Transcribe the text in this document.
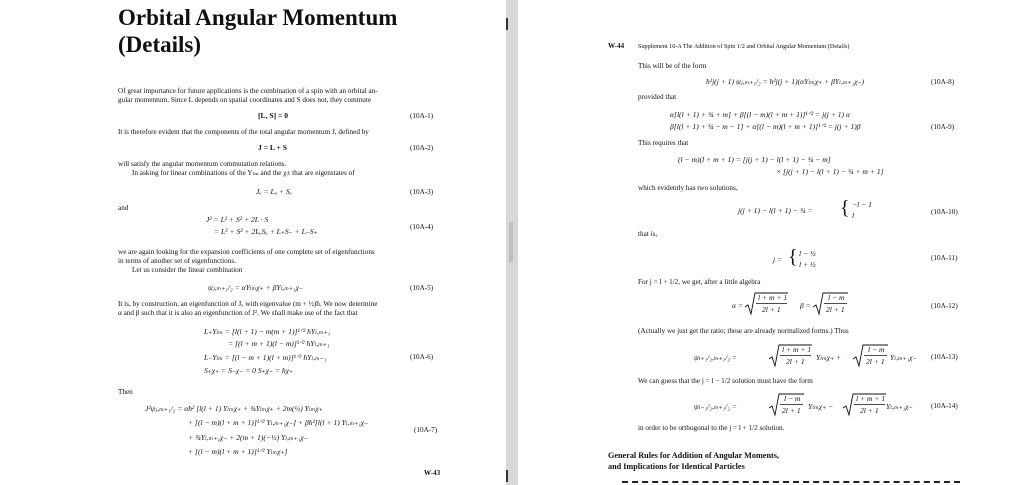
Orbital Angular Momentum
(Details)
Of great importance for future applications is the combination of a spin with an orbital an-
gular momentum. Since L depends on spatial coordinates and S does not, they commute
[L, S] = 0	(10A-1)
It is therefore evident that the components of the total angular momentum J, defined by
J = L + S	(10A-2)
will satisfy the angular momentum commutation relations.
In asking for linear combinations of the Yₗₘ and the χ± that are eigenstates of
Jᵤ = Lᵤ + Sᵤ	(10A-3)
and
J² = L² + S² + 2L · S
= L² + S² + 2LᵤSᵤ + L₊S₋ + L₋S₊	(10A-4)
we are again looking for the expansion coefficients of one complete set of eigenfunctions
in terms of another set of eigenfunctions.
Let us consider the linear combination
ψⱼ,ₘ₊₁/₂ = αYₗₘχ₊ + βYₗ,ₘ₊₁χ₋	(10A-5)
It is, by construction, an eigenfunction of Jᵤ with eigenvalue (m + ½)ħ. We now determine
α and β such that it is also an eigenfunction of J². We shall make use of the fact that
L₊Yₗₘ = [l(l + 1) − m(m + 1)]¹ᐟ² ħYₗ,ₘ₊₁
= [(l + m + 1)(l − m)]¹ᐟ² ħYₗ,ₘ₊₁
L₋Yₗₘ = [(l − m + 1)(l + m)]¹ᐟ² ħYₗ,ₘ₋₁
S₊χ₊ = S₋χ₋ = 0 S₊χ₋ = ħχ₊
(10A-6)
Then
J²ψⱼ,ₘ₊₁/₂ = αħ² [l(l + 1) Yₗₘχ₊ + ¾Yₗₘχ₊ + 2m(½) Yₗₘχ₊
+ [(l − m)(l + m + 1)]¹ᐟ² Yₗ,ₘ₊₁χ₋] + βħ²[l(l + 1) Yₗ,ₘ₊₁χ₋
+ ¾Yₗ,ₘ₊₁χ₋ + 2(m + 1)(−½) Yₗ,ₘ₊₁χ₋
+ [(l − m)(l + m + 1)]¹ᐟ² Yₗₘχ₊]
(10A-7)
W-43
W-44 Supplement 10-A The Addition of Spin 1/2 and Orbital Angular Momentum (Details)
This will be of the form
ħ²j(j + 1) ψⱼ,ₘ₊₁/₂ = ħ²j(j + 1)(αYₗₘχ₊ + βYₗ,ₘ₊₁χ₋)	(10A-8)
provided that
α[l(l + 1) + ¾ + m] + β[(l − m)(l + m + 1)]¹ᐟ² = j(j + 1) α
β[l(l + 1) + ¾ − m − 1] + α[(l − m)(l + m + 1)]¹ᐟ² = j(j + 1)β	(10A-9)
This requires that
(l − m)(l + m + 1) = [j(j + 1) − l(l + 1) − ¾ − m]
× [j(j + 1) − l(l + 1) − ¾ + m + 1]
which evidently has two solutions,
j(j + 1) − l(l + 1) − ¾ = { −l − 1
l	(10A-10)
that is,
j = { l − ½
l + ½
(10A-11)
For j = l + 1/2, we get, after a little algebra
α =
l + m + 1
2l + 1	β =
l − m
2l + 1	(10A-12)
(Actually we just get the ratio; these are already normalized forms.) Thus
ψₗ₊₁/₂,ₘ₊₁/₂ =
l + m + 1
2l + 1 Yₗₘχ₊ +
l − m
2l + 1 Yₗ,ₘ₊₁χ₋ (10A-13)
We can guess that the j = l − 1/2 solution must have the form
ψₗ₋₁/₂,ₘ₊₁/₂ =
l − m
2l + 1 Yₗₘχ₊ −
l + m + 1
2l + 1 Yₗ,ₘ₊₁χ₋	(10A-14)
in order to be orthogonal to the j = l + 1/2 solution.
General Rules for Addition of Angular Moments,
and Implications for Identical Particles
